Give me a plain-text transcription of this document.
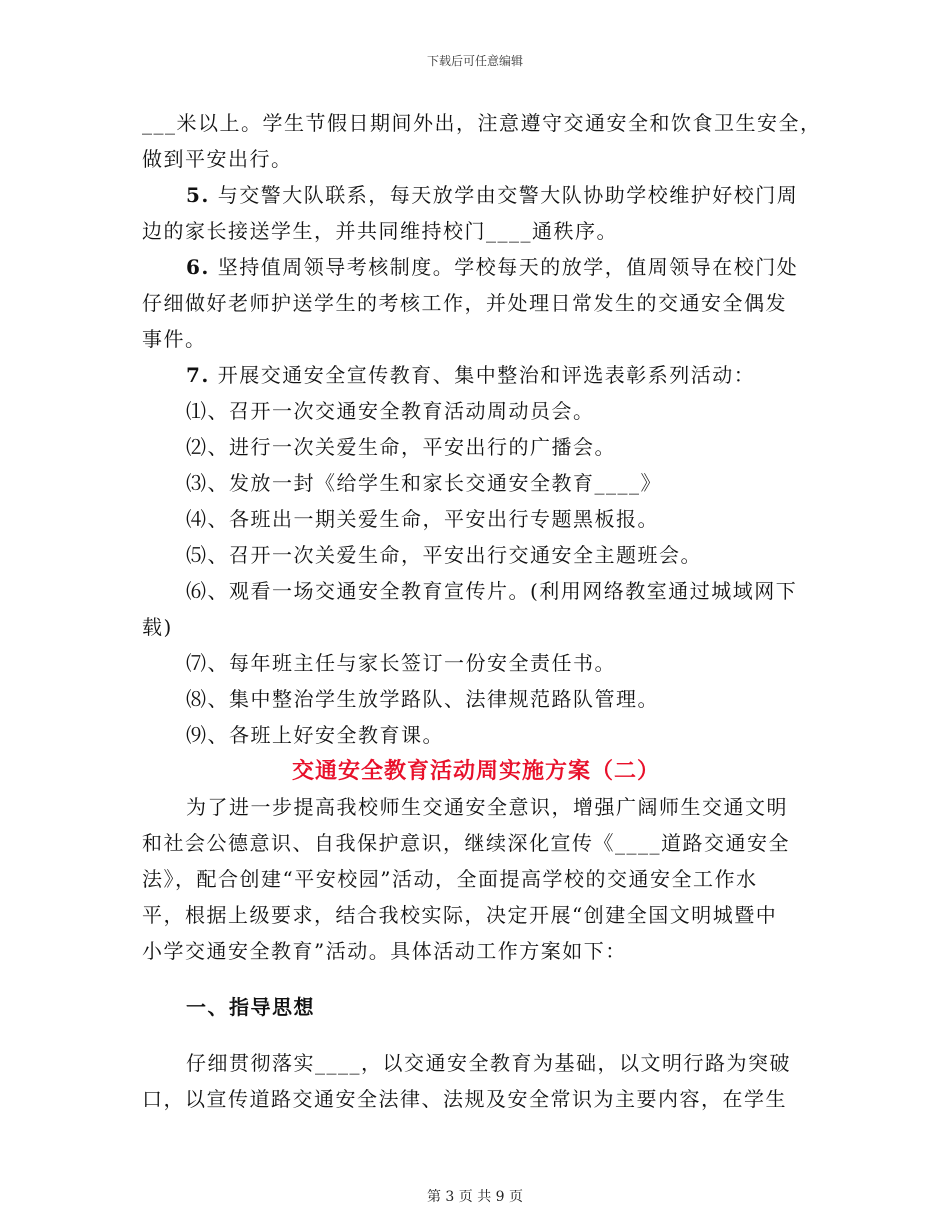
下载后可任意编辑

___米以上。学生节假日期间外出，注意遵守交通安全和饮食卫生安全，

做到平安出行。

5. 与交警大队联系，每天放学由交警大队协助学校维护好校门周

边的家长接送学生，并共同维持校门____通秩序。

6. 坚持值周领导考核制度。学校每天的放学，值周领导在校门处

仔细做好老师护送学生的考核工作，并处理日常发生的交通安全偶发

事件。

7. 开展交通安全宣传教育、集中整治和评选表彰系列活动：

⑴、召开一次交通安全教育活动周动员会。

⑵、进行一次关爱生命，平安出行的广播会。

⑶、发放一封《给学生和家长交通安全教育____》

⑷、各班出一期关爱生命，平安出行专题黑板报。

⑸、召开一次关爱生命，平安出行交通安全主题班会。

⑹、观看一场交通安全教育宣传片。(利用网络教室通过城域网下

载)

⑺、每年班主任与家长签订一份安全责任书。

⑻、集中整治学生放学路队、法律规范路队管理。

⑼、各班上好安全教育课。

交通安全教育活动周实施方案（二）

为了进一步提高我校师生交通安全意识，增强广阔师生交通文明

和社会公德意识、自我保护意识，继续深化宣传《____道路交通安全

法》，配合创建“平安校园”活动，全面提高学校的交通安全工作水

平，根据上级要求，结合我校实际，决定开展“创建全国文明城暨中

小学交通安全教育”活动。具体活动工作方案如下：

一、指导思想

仔细贯彻落实____，以交通安全教育为基础，以文明行路为突破

口，以宣传道路交通安全法律、法规及安全常识为主要内容，在学生

第 3 页 共 9 页
